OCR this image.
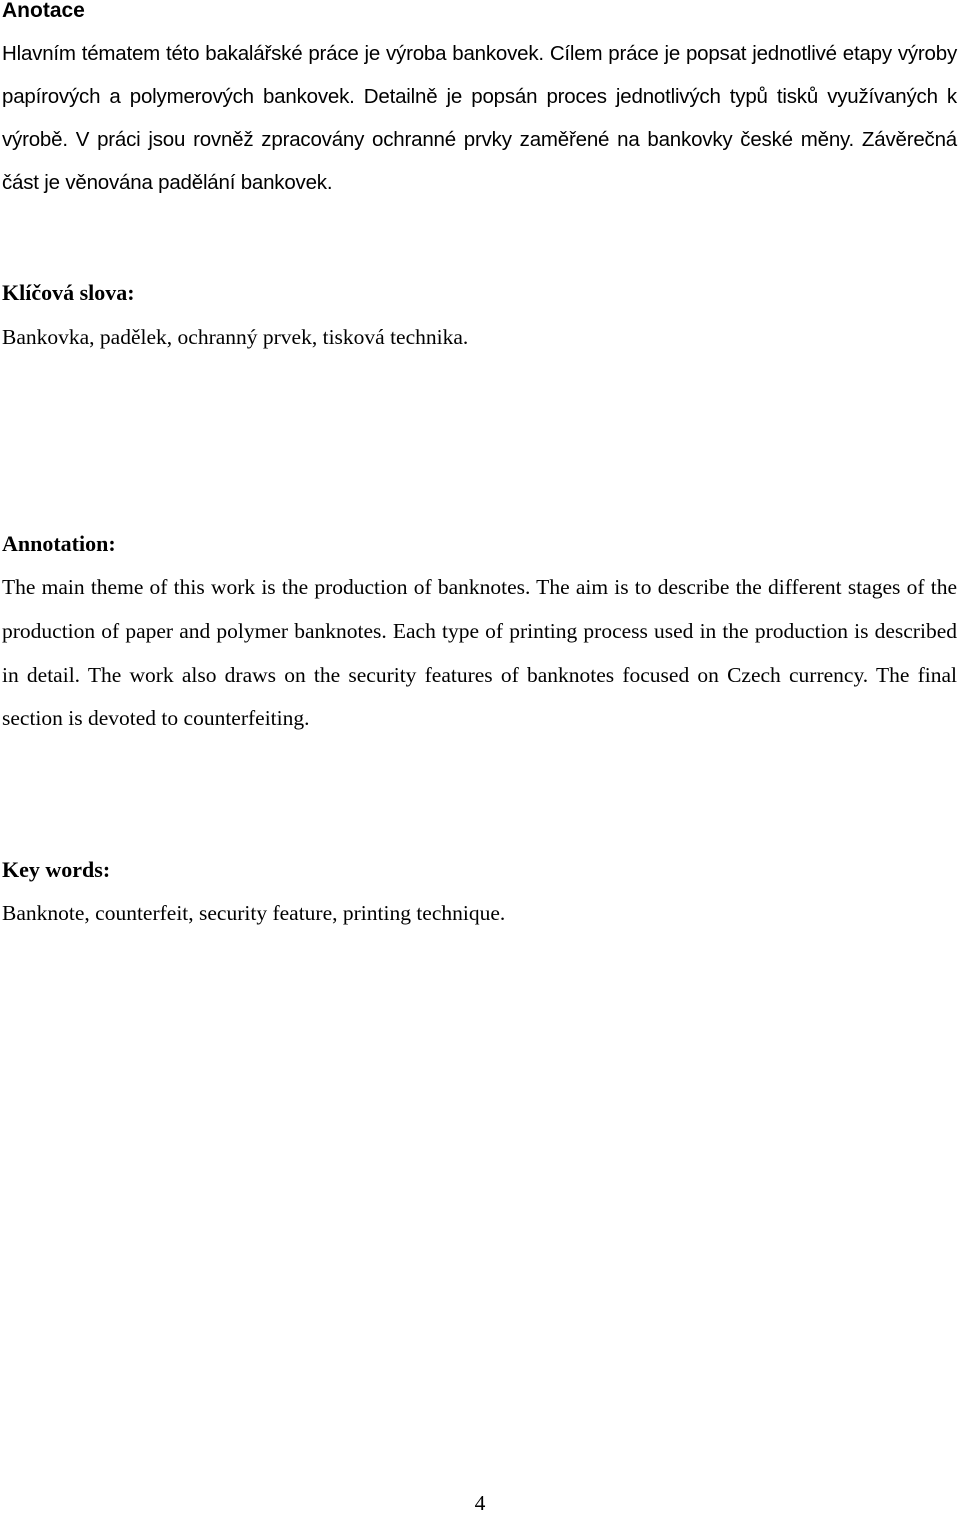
Anotace

Hlavním tématem této bakalářské práce je výroba bankovek. Cílem práce je popsat jednotlivé etapy výroby papírových a polymerových bankovek. Detailně je popsán proces jednotlivých typů tisků využívaných k výrobě. V práci jsou rovněž zpracovány ochranné prvky zaměřené na bankovky české měny. Závěrečná část je věnována padělání bankovek.

Klíčová slova:

Bankovka, padělek, ochranný prvek, tisková technika.

Annotation:

The main theme of this work is the production of banknotes. The aim is to describe the different stages of the production of paper and polymer banknotes. Each type of printing process used in the production is described in detail. The work also draws on the security features of banknotes focused on Czech currency. The final section is devoted to counterfeiting.

Key words:

Banknote, counterfeit, security feature, printing technique.

4
